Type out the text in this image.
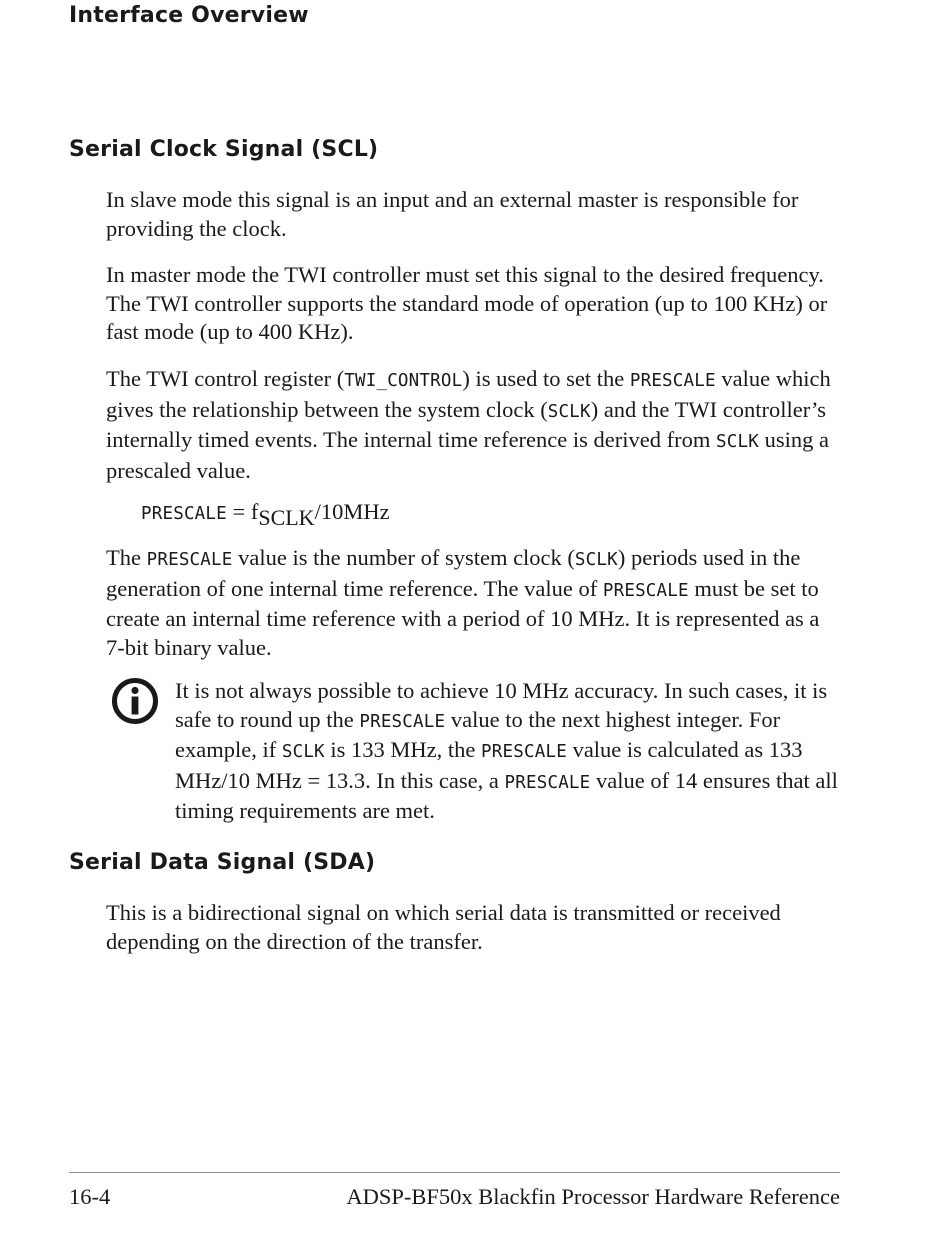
Interface Overview
Serial Clock Signal (SCL)

In slave mode this signal is an input and an external master is responsible for providing the clock.

In master mode the TWI controller must set this signal to the desired frequency. The TWI controller supports the standard mode of operation (up to 100 KHz) or fast mode (up to 400 KHz).

The TWI control register (TWI_CONTROL) is used to set the PRESCALE value which gives the relationship between the system clock (SCLK) and the TWI controller’s internally timed events. The internal time reference is derived from SCLK using a prescaled value.

PRESCALE = $f_{SCLK}/10MHz$

The PRESCALE value is the number of system clock (SCLK) periods used in the generation of one internal time reference. The value of PRESCALE must be set to create an internal time reference with a period of 10 MHz. It is represented as a 7-bit binary value.

It is not always possible to achieve 10 MHz accuracy. In such cases, it is safe to round up the PRESCALE value to the next highest integer. For example, if SCLK is 133 MHz, the PRESCALE value is calculated as 133 MHz/10 MHz = 13.3. In this case, a PRESCALE value of 14 ensures that all timing requirements are met.

Serial Data Signal (SDA)

This is a bidirectional signal on which serial data is transmitted or received depending on the direction of the transfer.

16-4	ADSP-BF50x Blackfin Processor Hardware Reference
